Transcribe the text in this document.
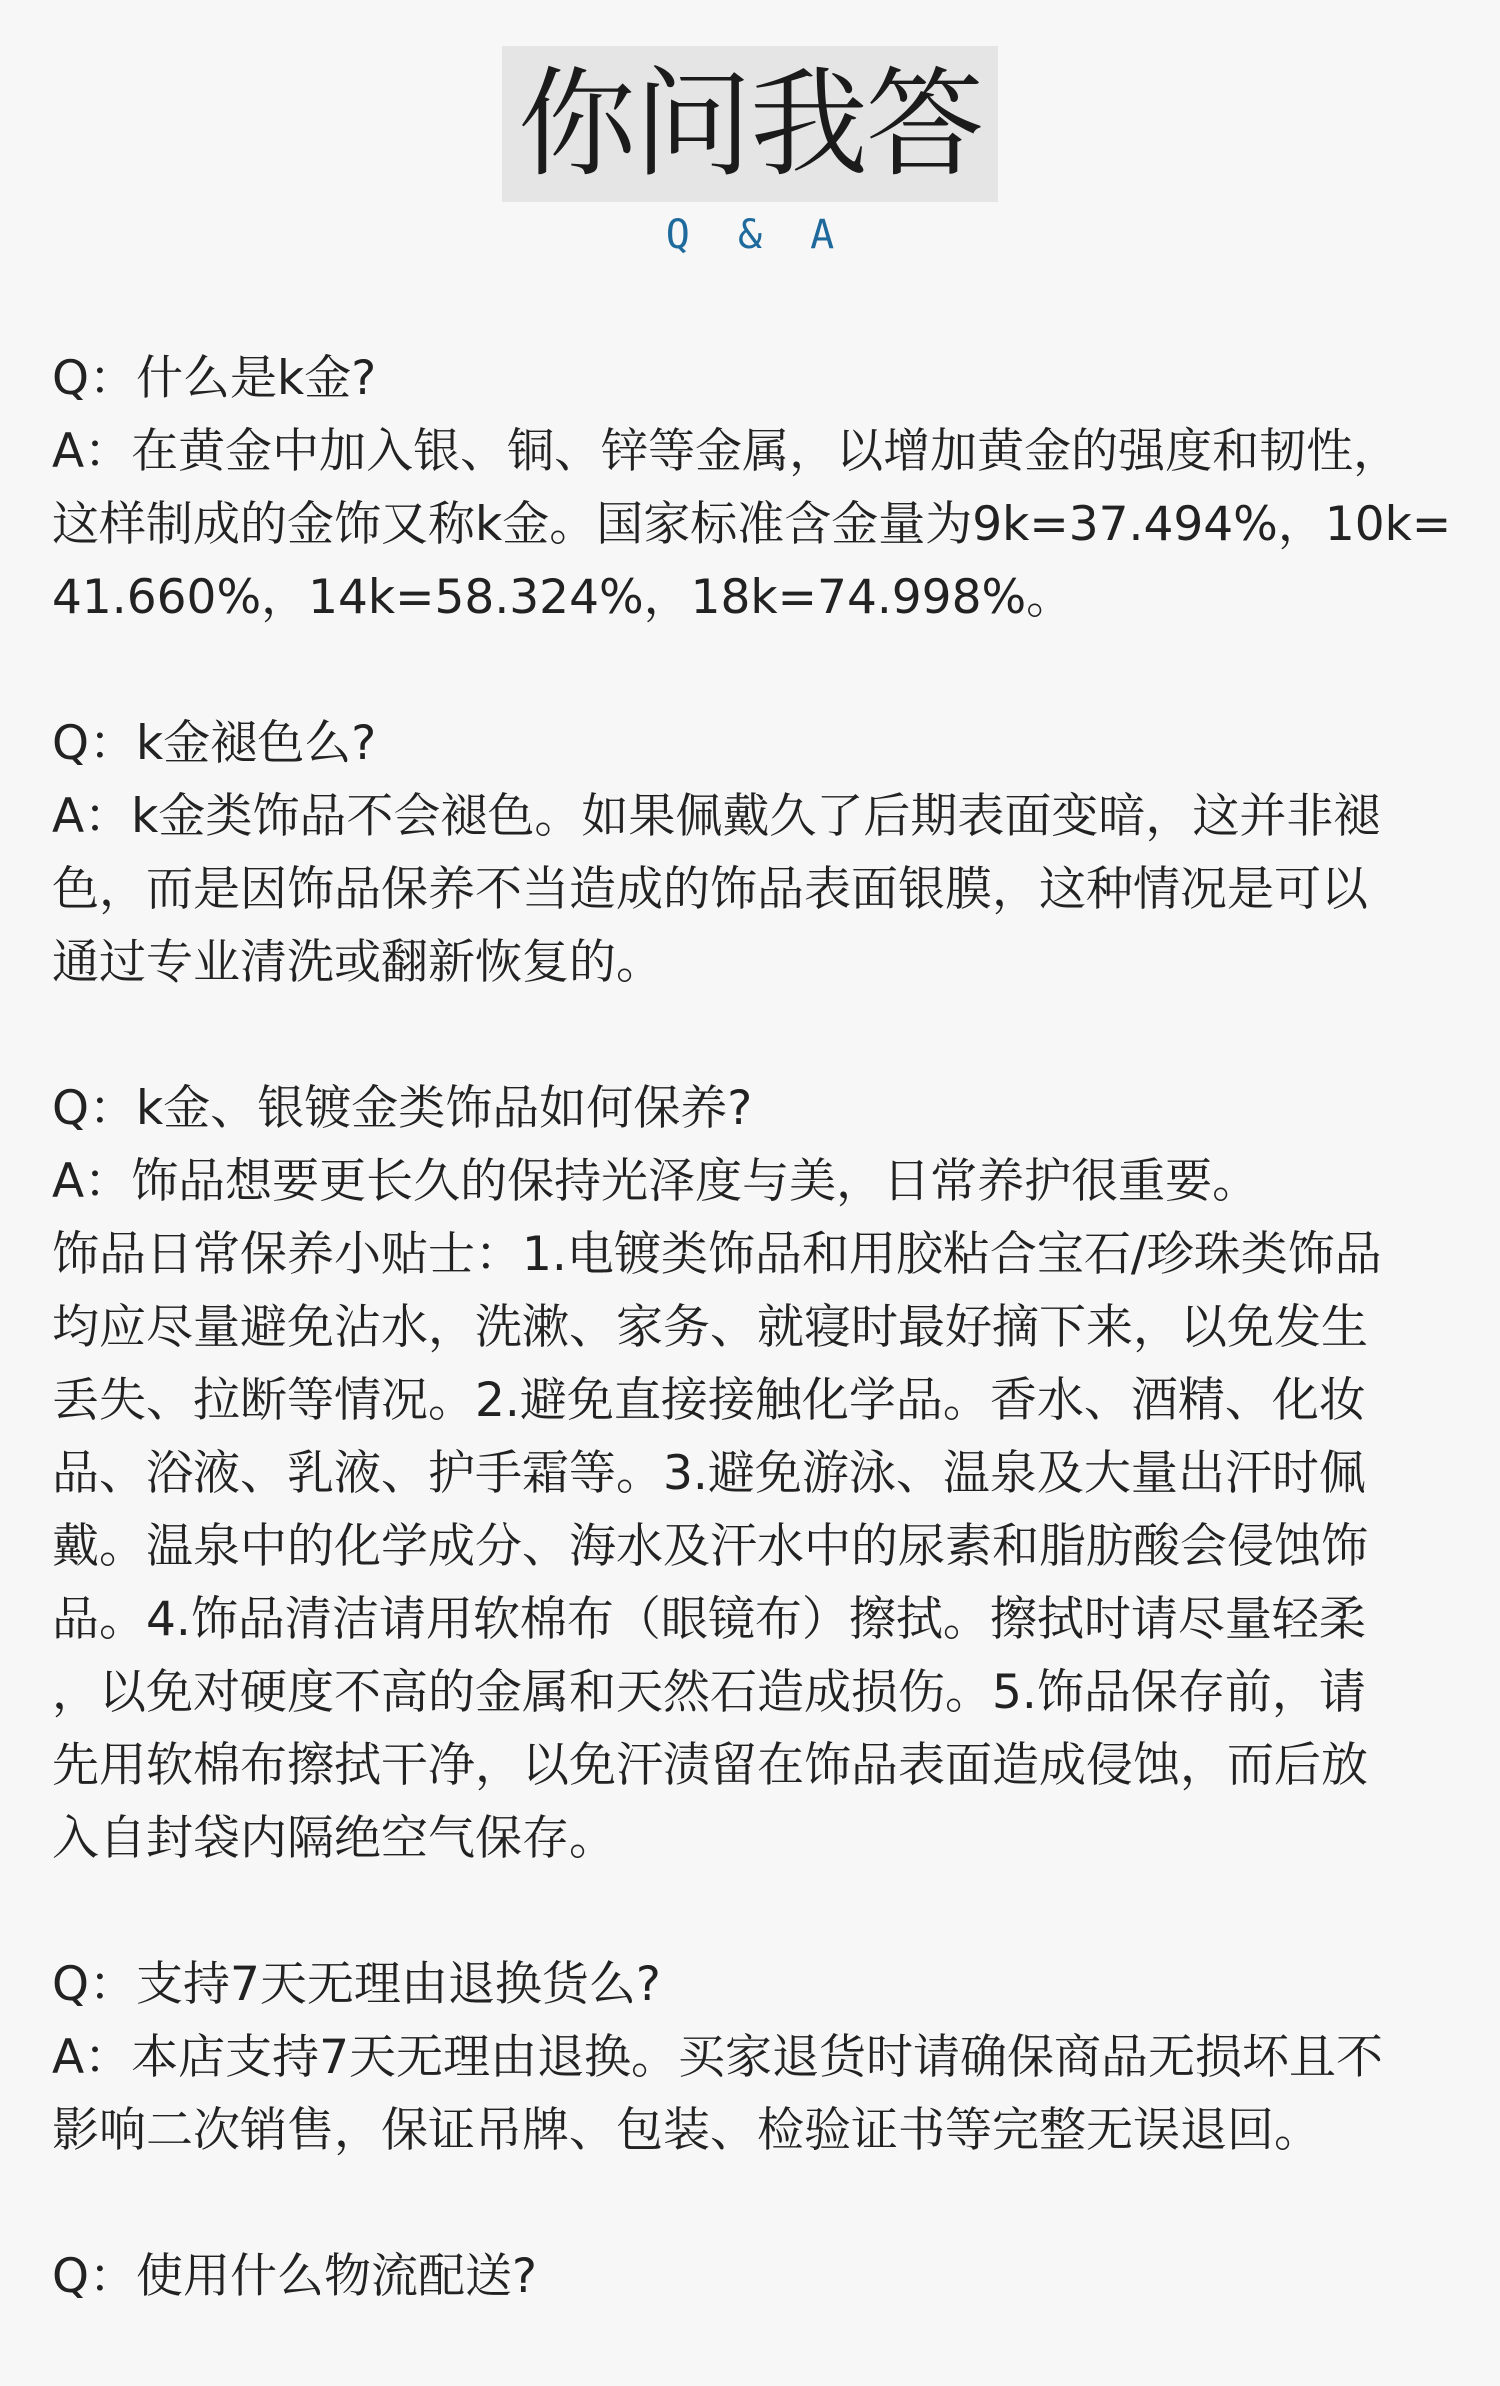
你问我答
Q & A
Q：什么是k金?
A：在黄金中加入银、铜、锌等金属，以增加黄金的强度和韧性，
这样制成的金饰又称k金。国家标准含金量为9k=37.494%，10k=
41.660%，14k=58.324%，18k=74.998%。
Q：k金褪色么?
A：k金类饰品不会褪色。如果佩戴久了后期表面变暗，这并非褪
色，而是因饰品保养不当造成的饰品表面银膜，这种情况是可以
通过专业清洗或翻新恢复的。
Q：k金、银镀金类饰品如何保养?
A：饰品想要更长久的保持光泽度与美，日常养护很重要。
饰品日常保养小贴士：1.电镀类饰品和用胶粘合宝石/珍珠类饰品
均应尽量避免沾水，洗漱、家务、就寝时最好摘下来，以免发生
丢失、拉断等情况。2.避免直接接触化学品。香水、酒精、化妆
品、浴液、乳液、护手霜等。3.避免游泳、温泉及大量出汗时佩
戴。温泉中的化学成分、海水及汗水中的尿素和脂肪酸会侵蚀饰
品。4.饰品清洁请用软棉布（眼镜布）擦拭。擦拭时请尽量轻柔
，以免对硬度不高的金属和天然石造成损伤。5.饰品保存前，请
先用软棉布擦拭干净，以免汗渍留在饰品表面造成侵蚀，而后放
入自封袋内隔绝空气保存。
Q：支持7天无理由退换货么?
A：本店支持7天无理由退换。买家退货时请确保商品无损坏且不
影响二次销售，保证吊牌、包装、检验证书等完整无误退回。
Q：使用什么物流配送?
